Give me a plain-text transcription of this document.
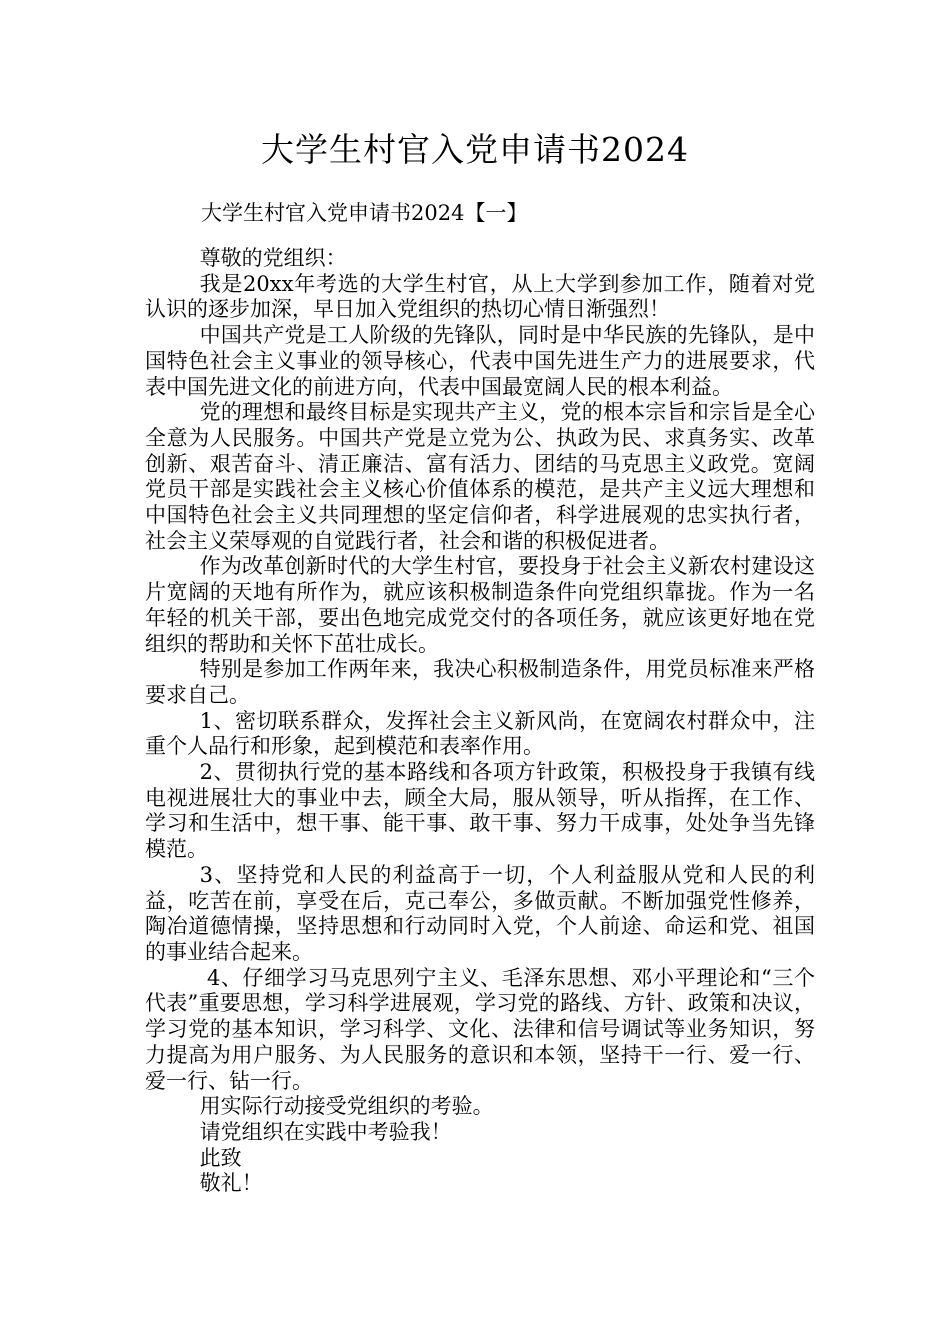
大学生村官入党申请书2024
大学生村官入党申请书2024【一】

尊敬的党组织：

我是20xx年考选的大学生村官，从上大学到参加工作，随着对党认识的逐步加深，早日加入党组织的热切心情日渐强烈！

中国共产党是工人阶级的先锋队，同时是中华民族的先锋队，是中国特色社会主义事业的领导核心，代表中国先进生产力的进展要求，代表中国先进文化的前进方向，代表中国最宽阔人民的根本利益。

党的理想和最终目标是实现共产主义，党的根本宗旨和宗旨是全心全意为人民服务。中国共产党是立党为公、执政为民、求真务实、改革创新、艰苦奋斗、清正廉洁、富有活力、团结的马克思主义政党。宽阔党员干部是实践社会主义核心价值体系的模范，是共产主义远大理想和中国特色社会主义共同理想的坚定信仰者，科学进展观的忠实执行者，社会主义荣辱观的自觉践行者，社会和谐的积极促进者。

作为改革创新时代的大学生村官，要投身于社会主义新农村建设这片宽阔的天地有所作为，就应该积极制造条件向党组织靠拢。作为一名年轻的机关干部，要出色地完成党交付的各项任务，就应该更好地在党组织的帮助和关怀下茁壮成长。

特别是参加工作两年来，我决心积极制造条件，用党员标准来严格要求自己。

1、密切联系群众，发挥社会主义新风尚，在宽阔农村群众中，注重个人品行和形象，起到模范和表率作用。

2、贯彻执行党的基本路线和各项方针政策，积极投身于我镇有线电视进展壮大的事业中去，顾全大局，服从领导，听从指挥，在工作、学习和生活中，想干事、能干事、敢干事、努力干成事，处处争当先锋模范。

3、坚持党和人民的利益高于一切，个人利益服从党和人民的利益，吃苦在前，享受在后，克己奉公，多做贡献。不断加强党性修养，陶冶道德情操，坚持思想和行动同时入党，个人前途、命运和党、祖国的事业结合起来。

4、仔细学习马克思列宁主义、毛泽东思想、邓小平理论和“三个代表”重要思想，学习科学进展观，学习党的路线、方针、政策和决议，学习党的基本知识，学习科学、文化、法律和信号调试等业务知识，努力提高为用户服务、为人民服务的意识和本领，坚持干一行、爱一行、爱一行、钻一行。

用实际行动接受党组织的考验。

请党组织在实践中考验我！

此致

敬礼！
